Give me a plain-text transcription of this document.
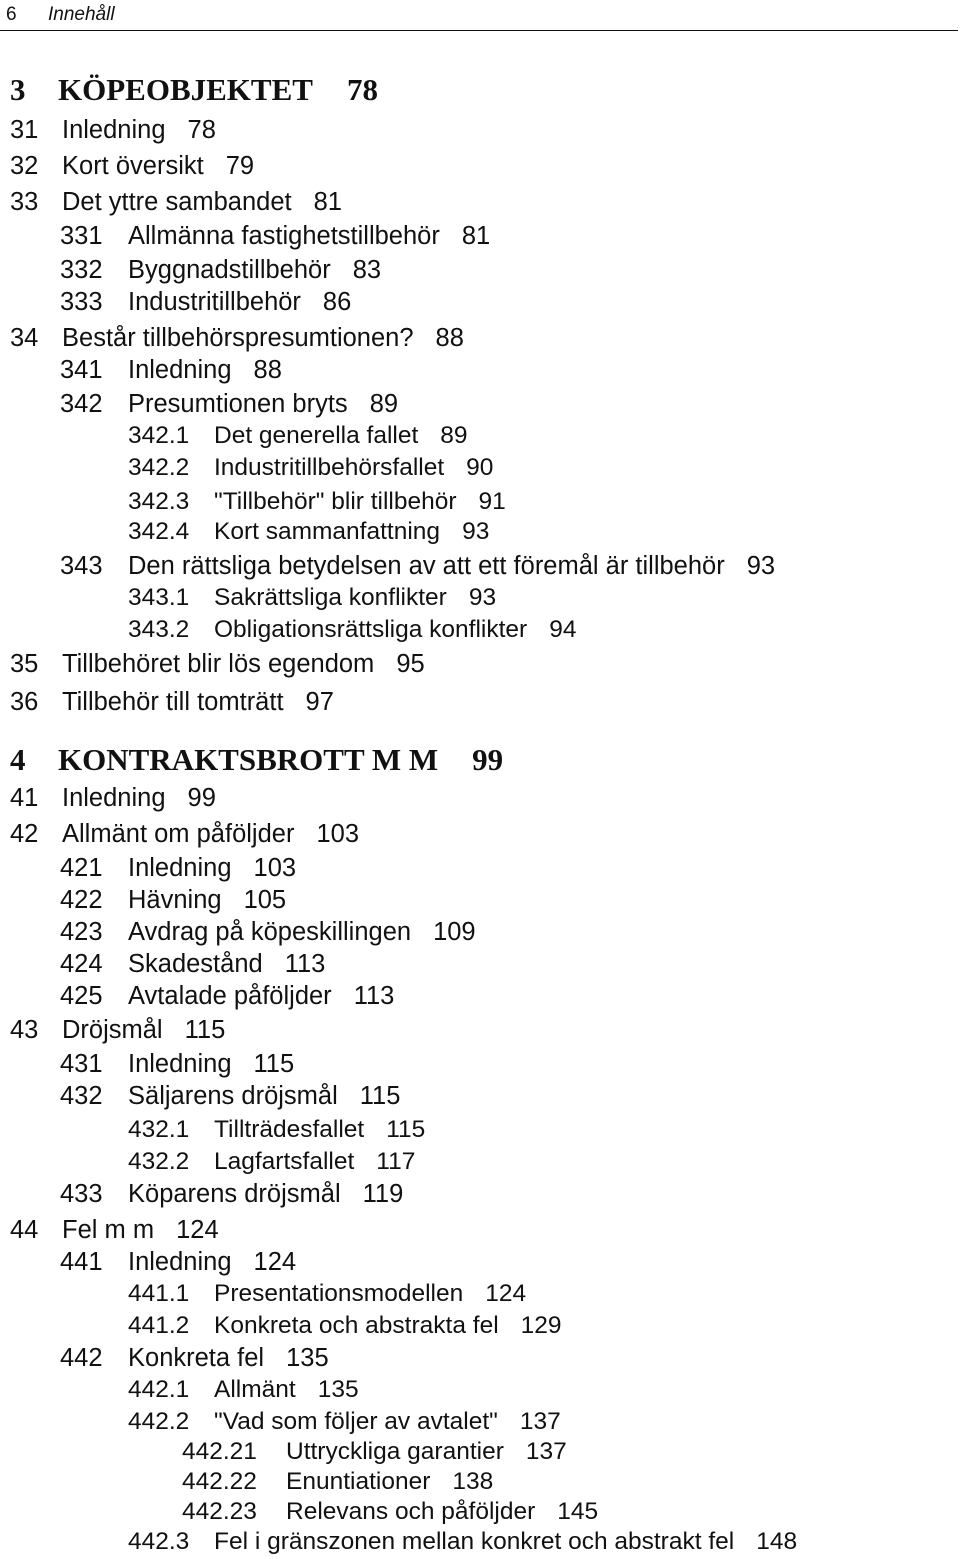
6 Innehåll
3 KÖPEOBJEKTET 78
31 Inledning 78
32 Kort översikt 79
33 Det yttre sambandet 81
331 Allmänna fastighetstillbehör 81
332 Byggnadstillbehör 83
333 Industritillbehör 86
34 Består tillbehörspresumtionen? 88
341 Inledning 88
342 Presumtionen bryts 89
342.1 Det generella fallet 89
342.2 Industritillbehörsfallet 90
342.3 "Tillbehör" blir tillbehör 91
342.4 Kort sammanfattning 93
343 Den rättsliga betydelsen av att ett föremål är tillbehör 93
343.1 Sakrättsliga konflikter 93
343.2 Obligationsrättsliga konflikter 94
35 Tillbehöret blir lös egendom 95
36 Tillbehör till tomträtt 97
4 KONTRAKTSBROTT M M 99
41 Inledning 99
42 Allmänt om påföljder 103
421 Inledning 103
422 Hävning 105
423 Avdrag på köpeskillingen 109
424 Skadestånd 113
425 Avtalade påföljder 113
43 Dröjsmål 115
431 Inledning 115
432 Säljarens dröjsmål 115
432.1 Tillträdesfallet 115
432.2 Lagfartsfallet 117
433 Köparens dröjsmål 119
44 Fel m m 124
441 Inledning 124
441.1 Presentationsmodellen 124
441.2 Konkreta och abstrakta fel 129
442 Konkreta fel 135
442.1 Allmänt 135
442.2 "Vad som följer av avtalet" 137
442.21 Uttryckliga garantier 137
442.22 Enuntiationer 138
442.23 Relevans och påföljder 145
442.3 Fel i gränszonen mellan konkret och abstrakt fel 148
